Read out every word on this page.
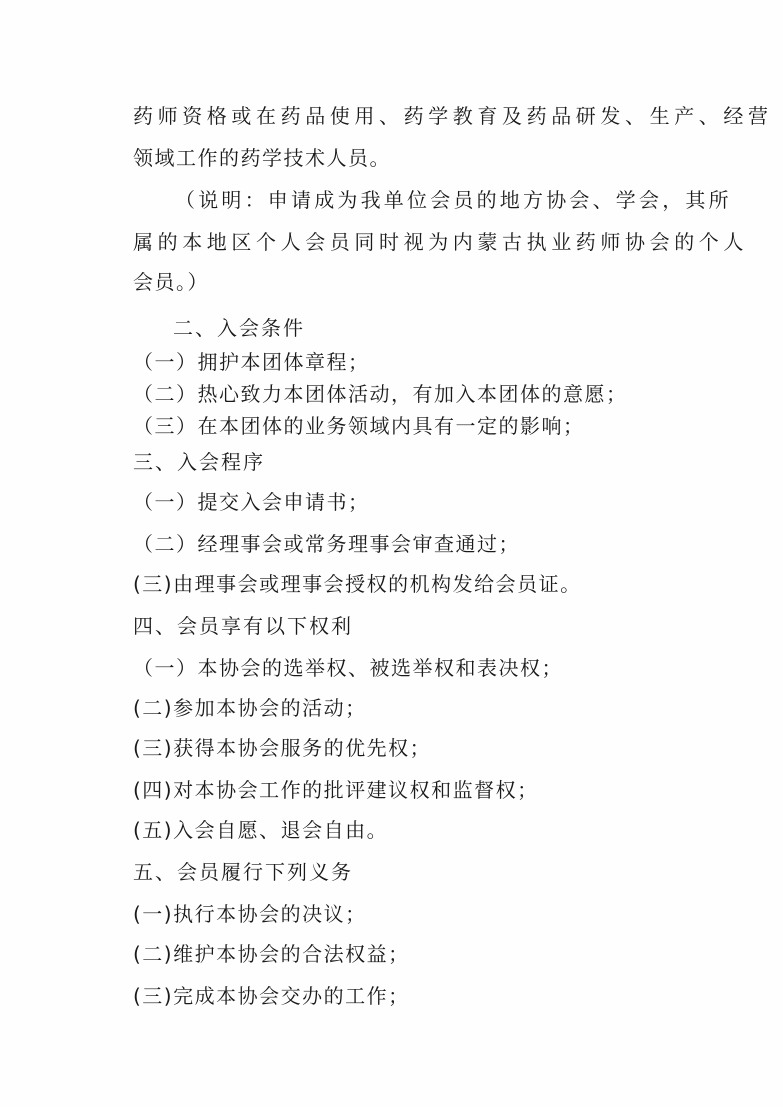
药师资格或在药品使用、药学教育及药品研发、生产、经营
领域工作的药学技术人员。
（说明：申请成为我单位会员的地方协会、学会，其所
属的本地区个人会员同时视为内蒙古执业药师协会的个人
会员。）
二、入会条件
（一）拥护本团体章程；
（二）热心致力本团体活动，有加入本团体的意愿；
（三）在本团体的业务领域内具有一定的影响；
三、入会程序
（一）提交入会申请书；
（二）经理事会或常务理事会审查通过；
(三)由理事会或理事会授权的机构发给会员证。
四、会员享有以下权利
（一）本协会的选举权、被选举权和表决权；
(二)参加本协会的活动；
(三)获得本协会服务的优先权；
(四)对本协会工作的批评建议权和监督权；
(五)入会自愿、退会自由。
五、会员履行下列义务
(一)执行本协会的决议；
(二)维护本协会的合法权益；
(三)完成本协会交办的工作；
